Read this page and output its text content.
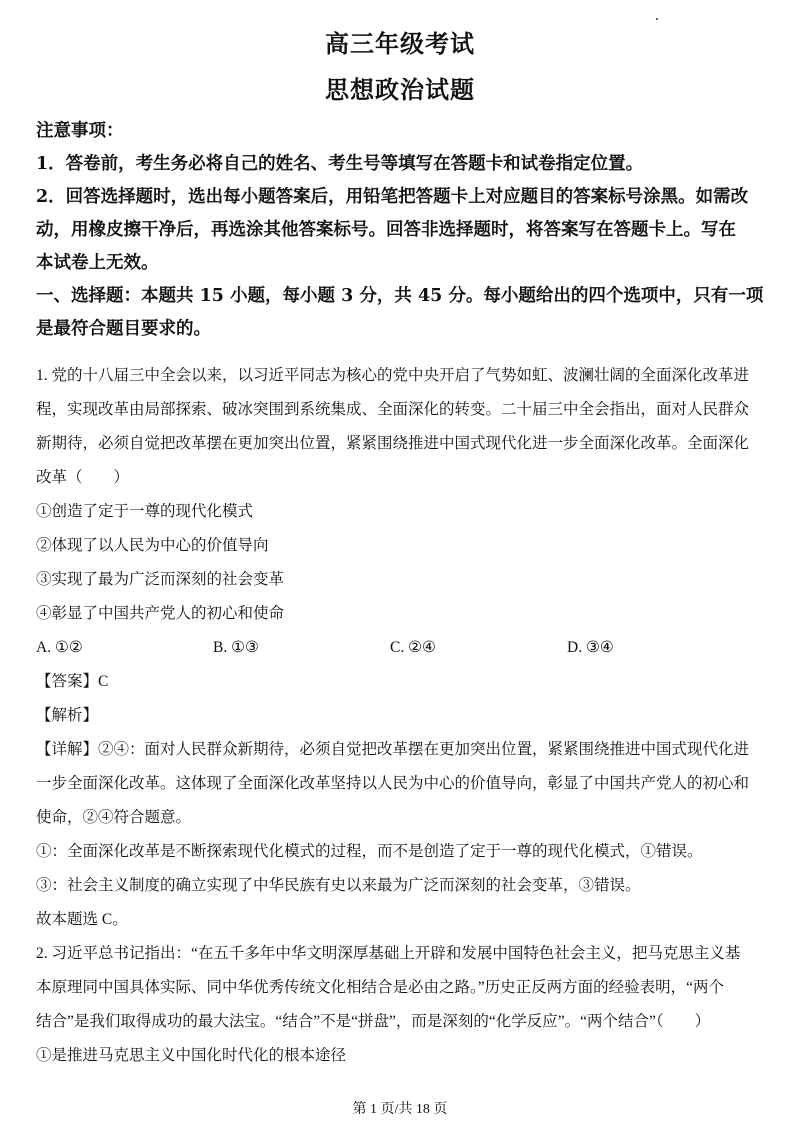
高三年级考试
思想政治试题

注意事项：

1．答卷前，考生务必将自己的姓名、考生号等填写在答题卡和试卷指定位置。

2．回答选择题时，选出每小题答案后，用铅笔把答题卡上对应题目的答案标号涂黑。如需改

动，用橡皮擦干净后，再选涂其他答案标号。回答非选择题时，将答案写在答题卡上。写在

本试卷上无效。

一、选择题：本题共 15 小题，每小题 3 分，共 45 分。每小题给出的四个选项中，只有一项

是最符合题目要求的。

1. 党的十八届三中全会以来，以习近平同志为核心的党中央开启了气势如虹、波澜壮阔的全面深化改革进

程，实现改革由局部探索、破冰突围到系统集成、全面深化的转变。二十届三中全会指出，面对人民群众

新期待，必须自觉把改革摆在更加突出位置，紧紧围绕推进中国式现代化进一步全面深化改革。全面深化

改革（　　）

①创造了定于一尊的现代化模式

②体现了以人民为中心的价值导向

③实现了最为广泛而深刻的社会变革

④彰显了中国共产党人的初心和使命

A. ①②	B. ①③	C. ②④	D. ③④

【答案】C

【解析】

【详解】②④：面对人民群众新期待，必须自觉把改革摆在更加突出位置，紧紧围绕推进中国式现代化进

一步全面深化改革。这体现了全面深化改革坚持以人民为中心的价值导向，彰显了中国共产党人的初心和

使命，②④符合题意。

①：全面深化改革是不断探索现代化模式的过程，而不是创造了定于一尊的现代化模式，①错误。

③：社会主义制度的确立实现了中华民族有史以来最为广泛而深刻的社会变革，③错误。

故本题选 C。

2. 习近平总书记指出：“在五千多年中华文明深厚基础上开辟和发展中国特色社会主义，把马克思主义基

本原理同中国具体实际、同中华优秀传统文化相结合是必由之路。”历史正反两方面的经验表明，“两个

结合”是我们取得成功的最大法宝。“结合”不是“拼盘”，而是深刻的“化学反应”。“两个结合”（　　）

①是推进马克思主义中国化时代化的根本途径

第 1 页/共 18 页
